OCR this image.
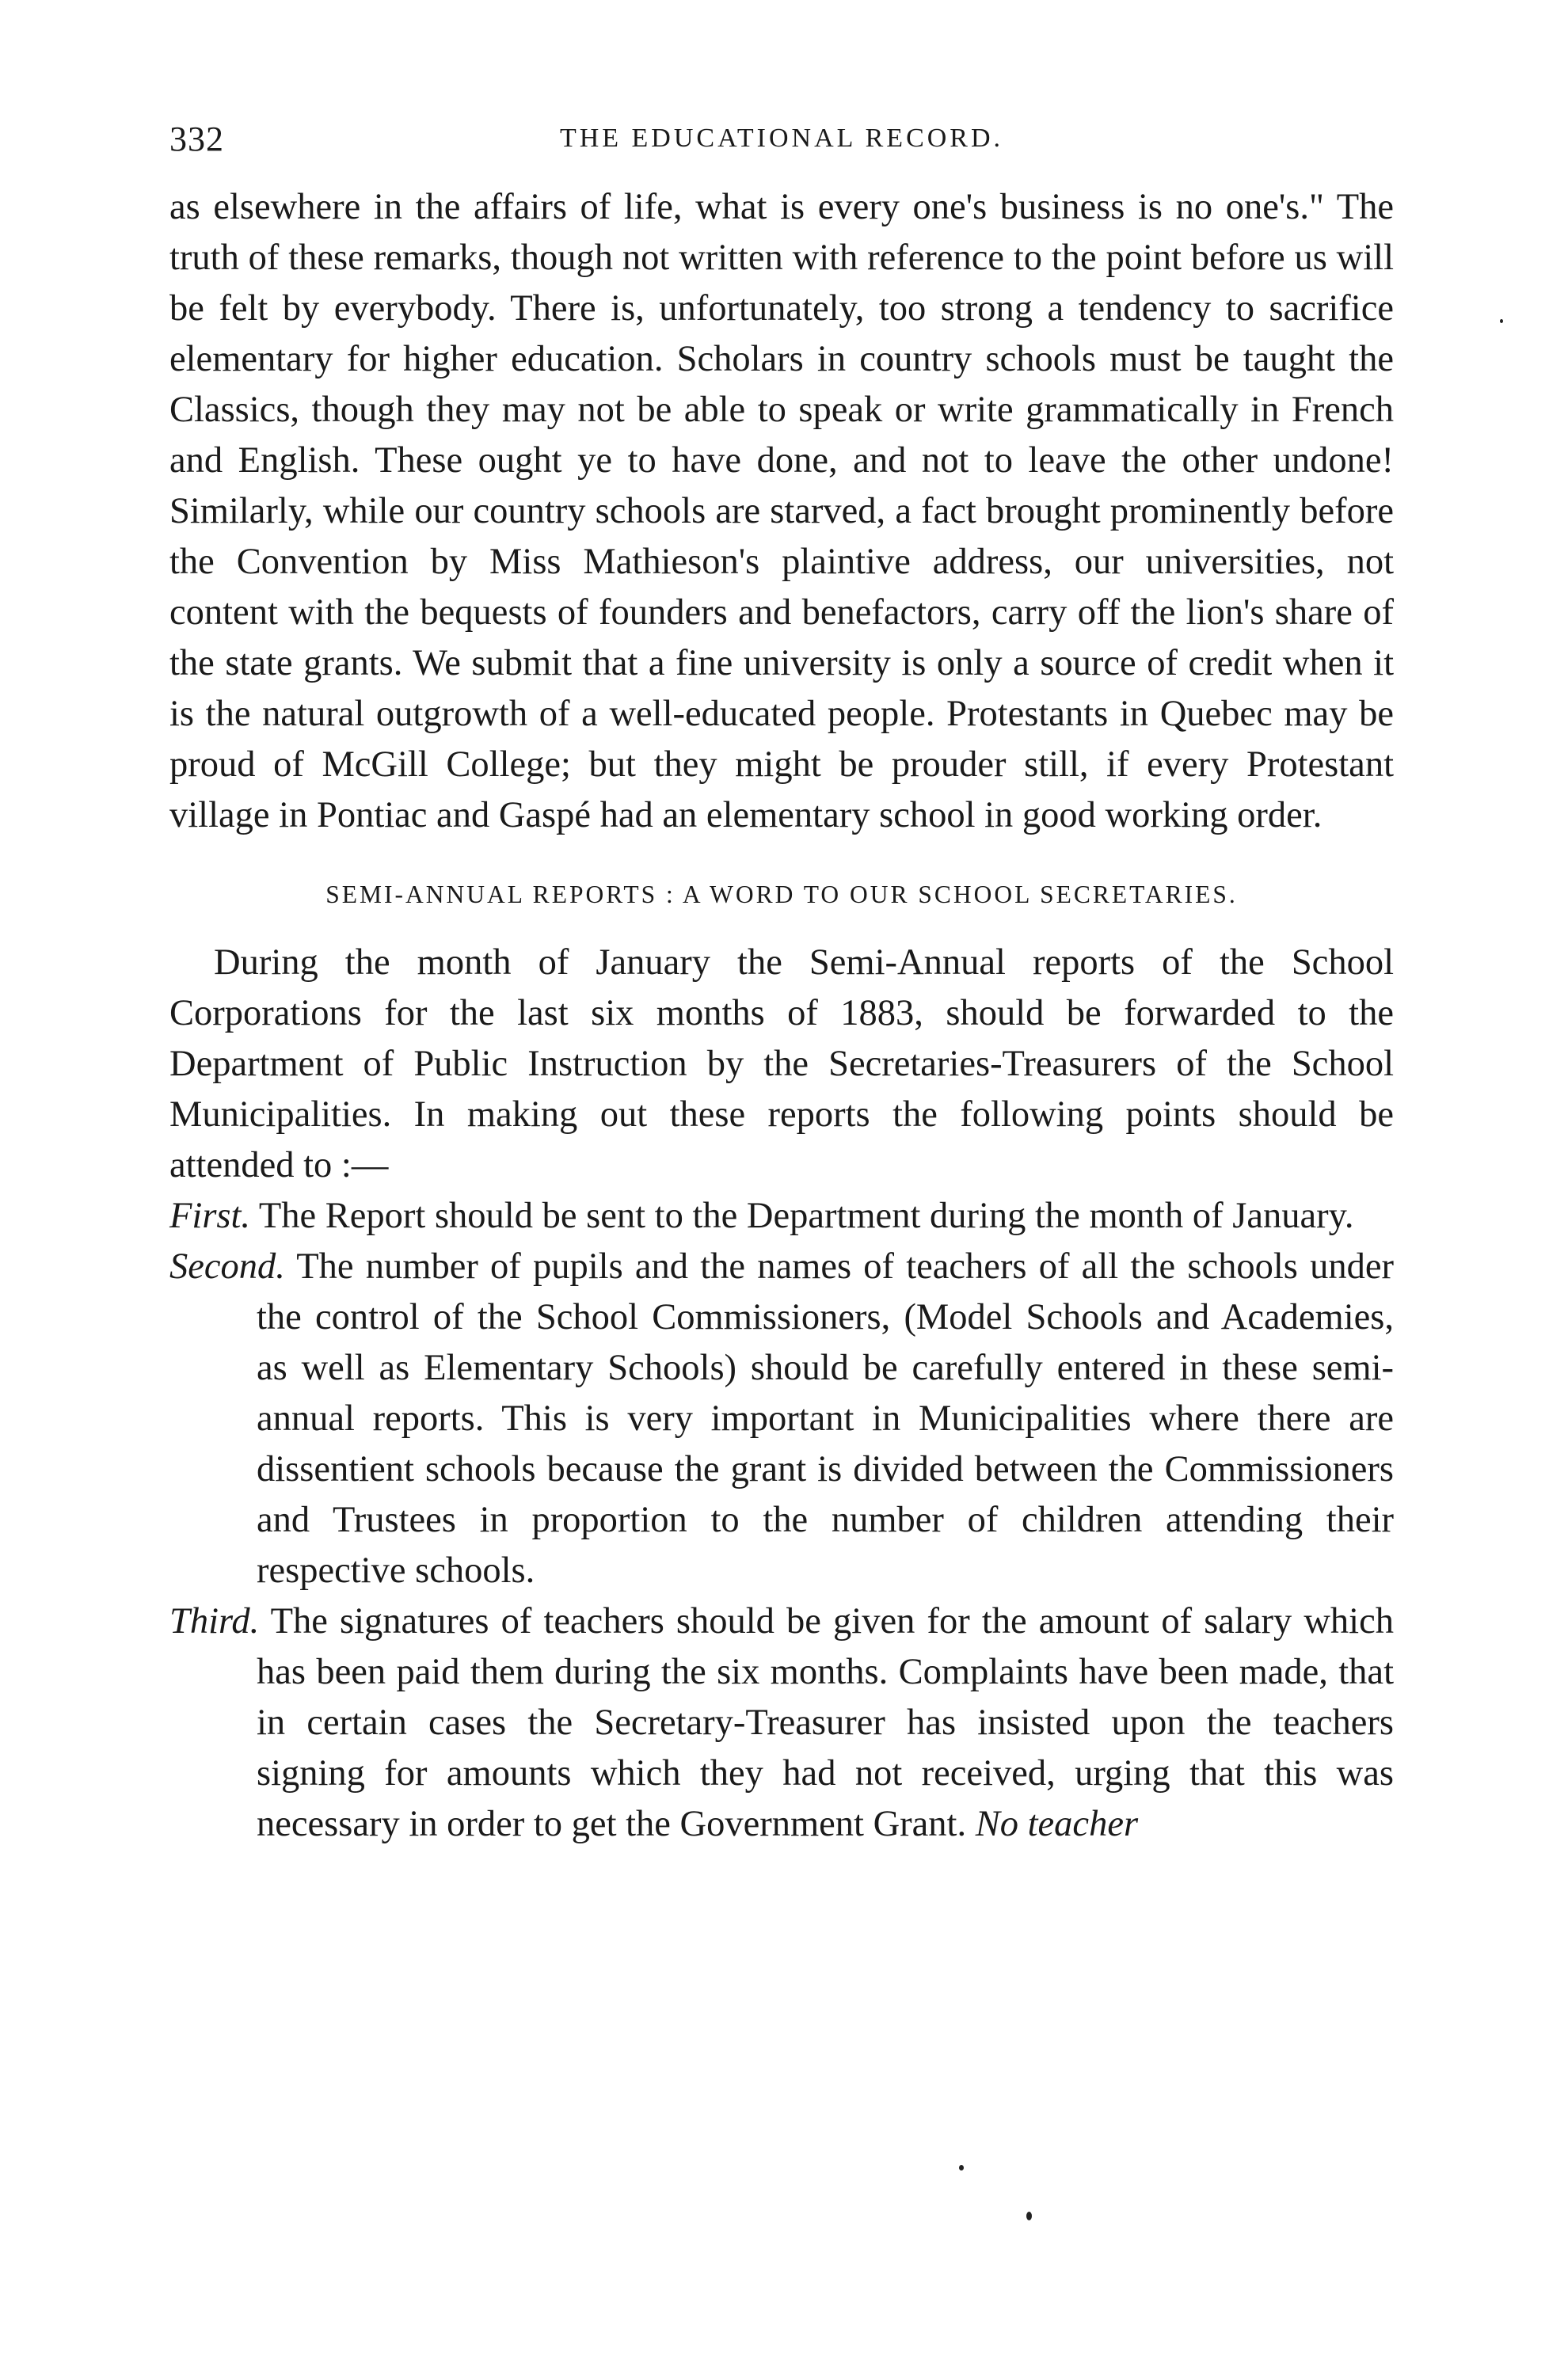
332	THE EDUCATIONAL RECORD.

as elsewhere in the affairs of life, what is every one's business is no one's." The truth of these remarks, though not written with reference to the point before us will be felt by everybody. There is, unfortunately, too strong a tendency to sacrifice elementary for higher education. Scholars in country schools must be taught the Classics, though they may not be able to speak or write grammatically in French and English. These ought ye to have done, and not to leave the other undone! Similarly, while our country schools are starved, a fact brought prominently before the Convention by Miss Mathieson's plaintive address, our universities, not content with the bequests of founders and benefactors, carry off the lion's share of the state grants. We submit that a fine university is only a source of credit when it is the natural outgrowth of a well-educated people. Protestants in Quebec may be proud of McGill College; but they might be prouder still, if every Protestant village in Pontiac and Gaspé had an elementary school in good working order.

SEMI-ANNUAL REPORTS : A WORD TO OUR SCHOOL SECRETARIES.

During the month of January the Semi-Annual reports of the School Corporations for the last six months of 1883, should be forwarded to the Department of Public Instruction by the Secretaries-Treasurers of the School Municipalities. In making out these reports the following points should be attended to :—

First. The Report should be sent to the Department during the month of January.

Second. The number of pupils and the names of teachers of all the schools under the control of the School Commissioners, (Model Schools and Academies, as well as Elementary Schools) should be carefully entered in these semi-annual reports. This is very important in Municipalities where there are dissentient schools because the grant is divided between the Commissioners and Trustees in proportion to the number of children attending their respective schools.

Third. The signatures of teachers should be given for the amount of salary which has been paid them during the six months. Complaints have been made, that in certain cases the Secretary-Treasurer has insisted upon the teachers signing for amounts which they had not received, urging that this was necessary in order to get the Government Grant. No teacher
